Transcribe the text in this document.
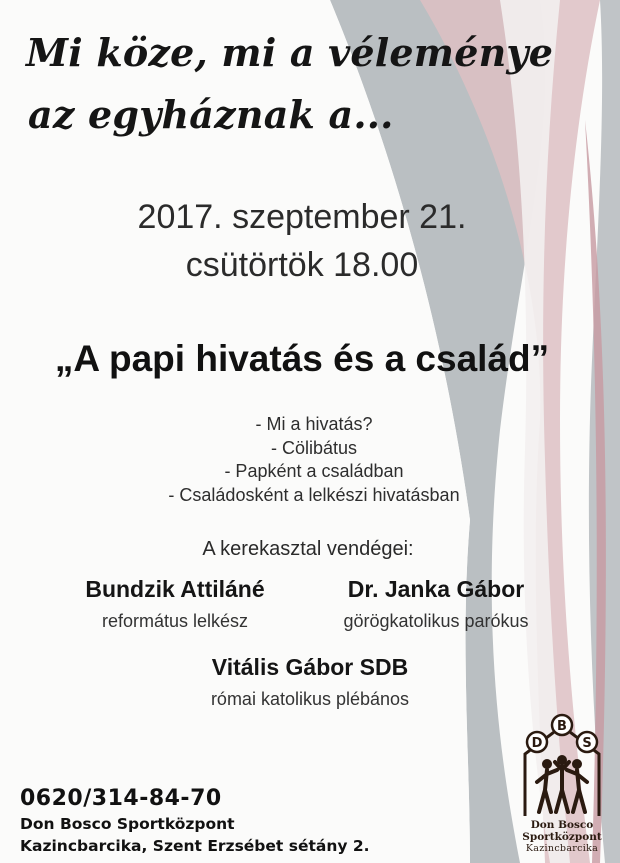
Mi köze, mi a véleménye
az egyháznak a...
2017. szeptember 21.
csütörtök 18.00
„A papi hivatás és a család”
- Mi a hivatás?
- Cölibátus
- Papként a családban
- Családosként a lelkészi hivatásban
A kerekasztal vendégei:
Bundzik Attiláné
református lelkész
Dr. Janka Gábor
görögkatolikus parókus
Vitális Gábor SDB
római katolikus plébános
0620/314-84-70
Don Bosco Sportközpont
Kazincbarcika, Szent Erzsébet sétány 2.
D
B
S
Don Bosco
Sportközpont
Kazincbarcika
